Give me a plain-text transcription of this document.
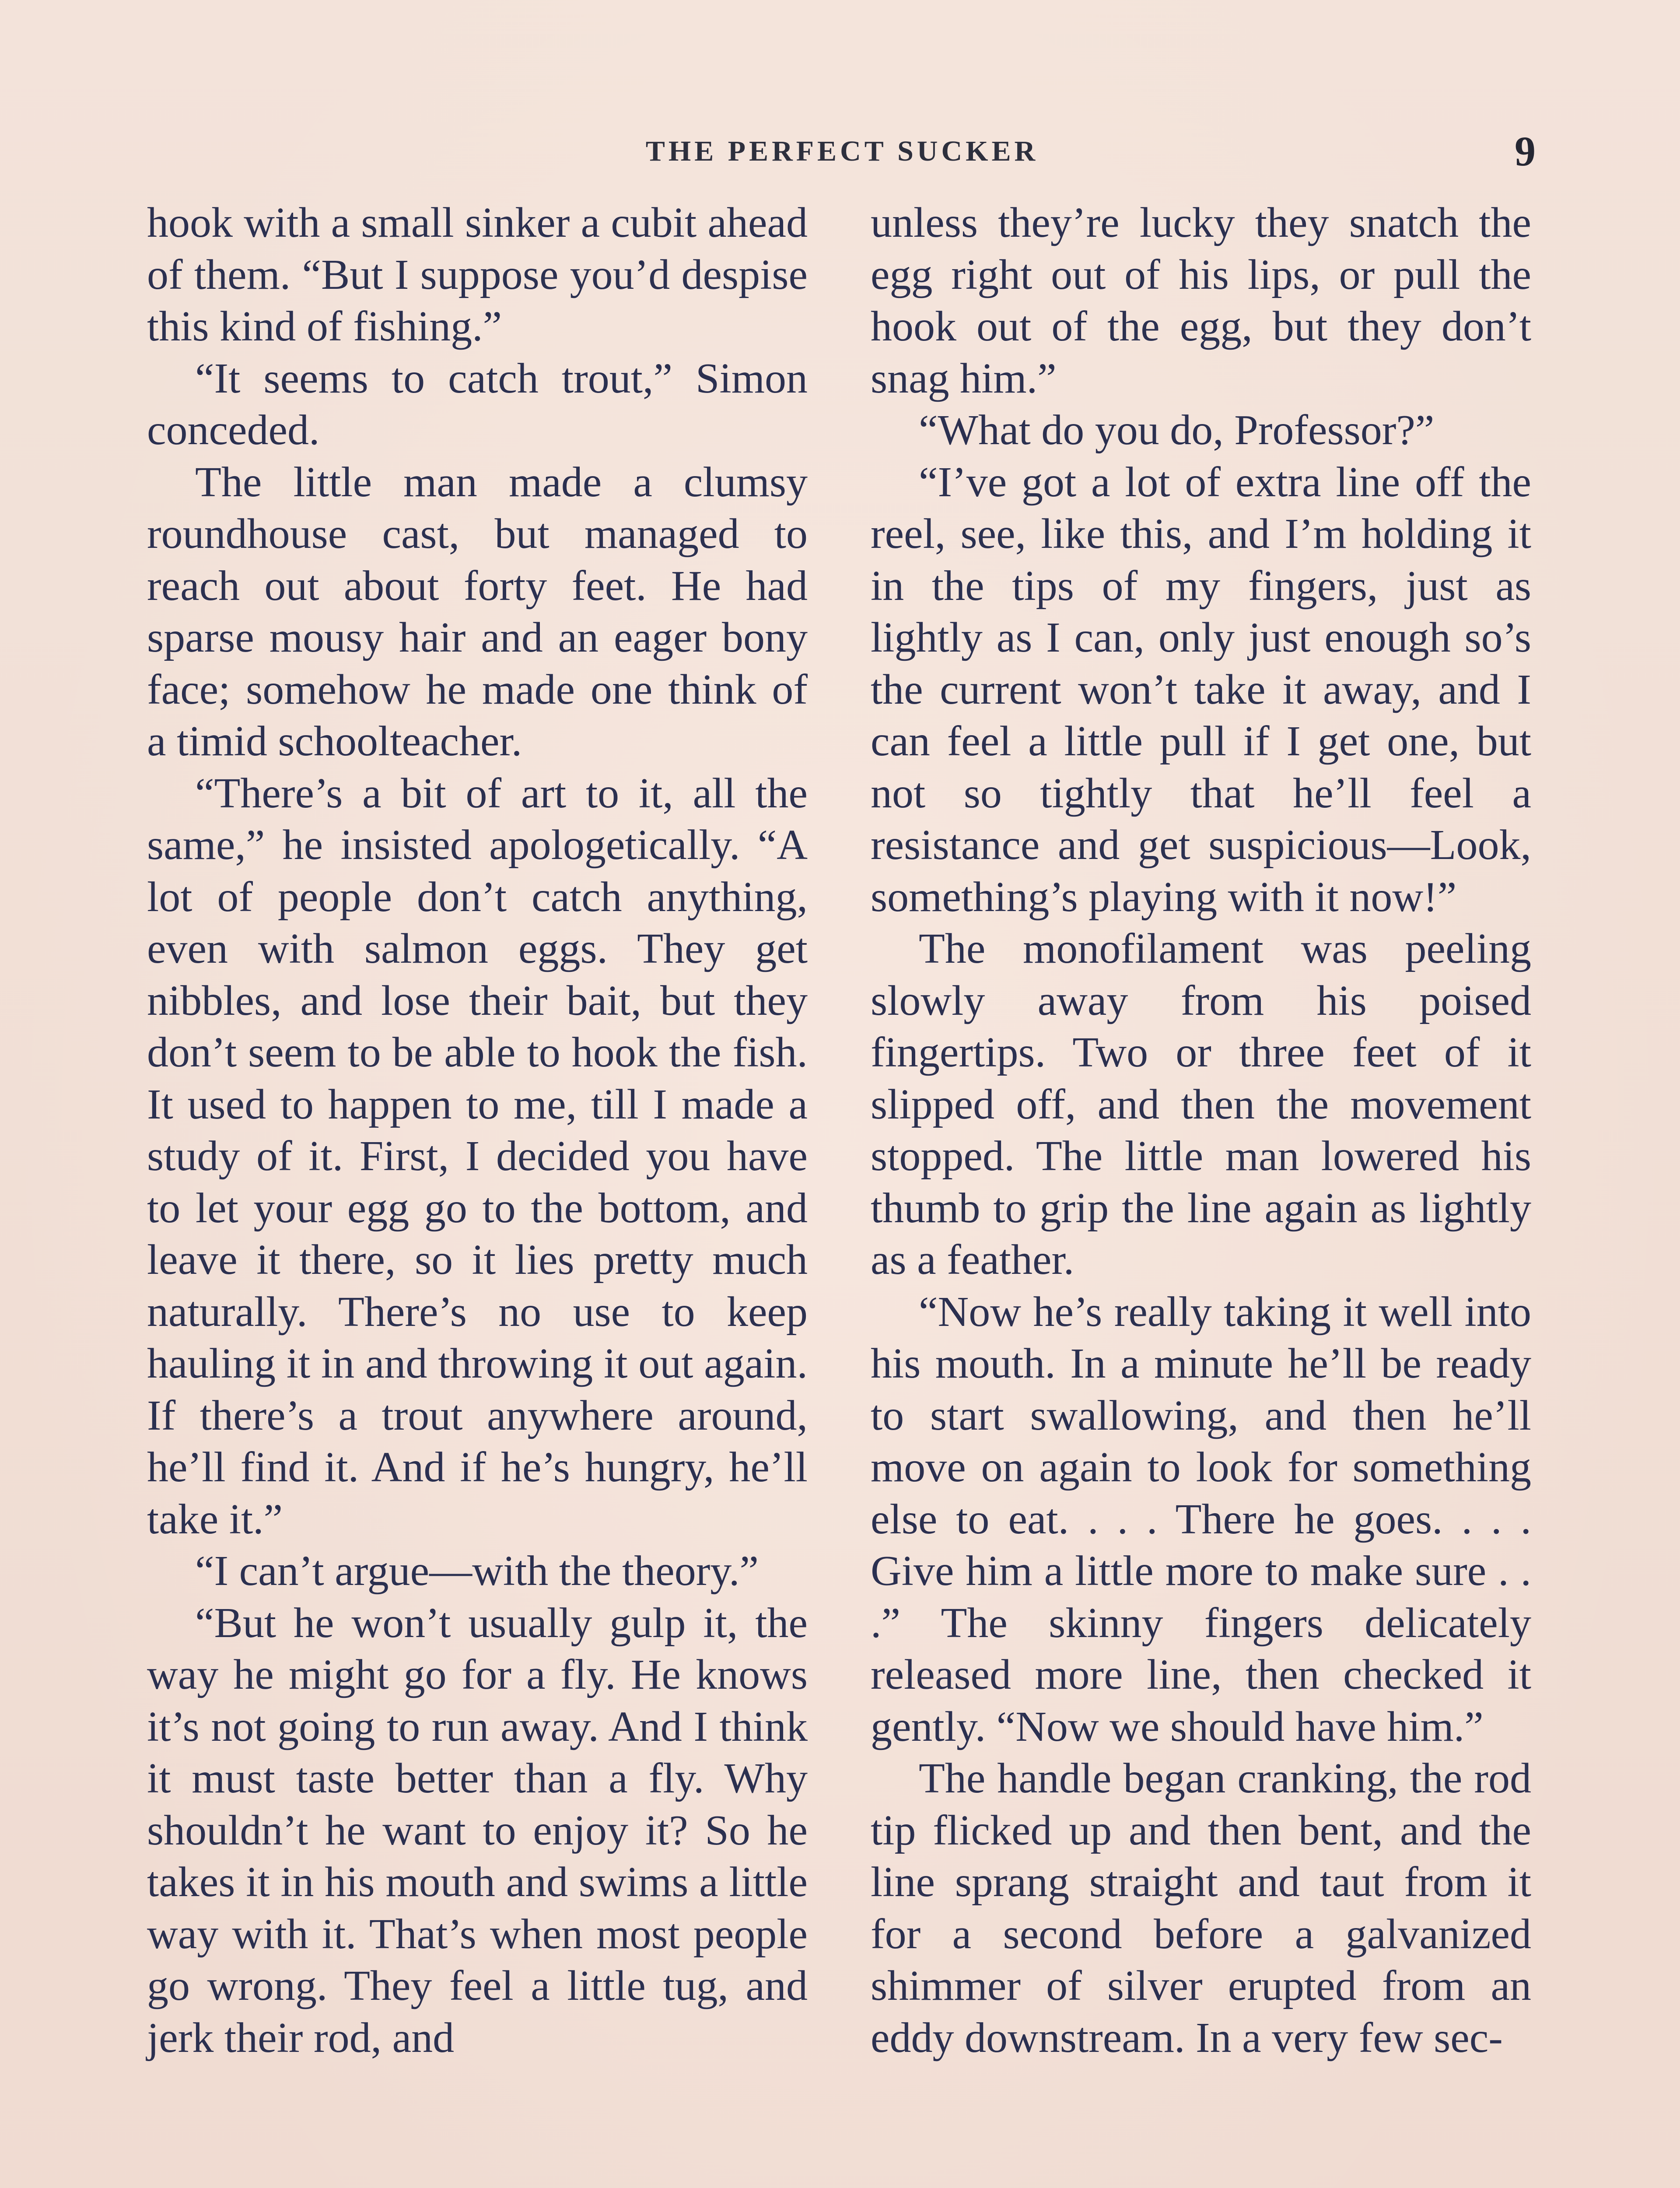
THE PERFECT SUCKER	9

hook with a small sinker a cubit ahead of them. “But I suppose you’d despise this kind of fishing.”

“It seems to catch trout,” Simon conceded.

The little man made a clumsy roundhouse cast, but managed to reach out about forty feet. He had sparse mousy hair and an eager bony face; somehow he made one think of a timid schoolteacher.

“There’s a bit of art to it, all the same,” he insisted apologetically. “A lot of people don’t catch anything, even with salmon eggs. They get nibbles, and lose their bait, but they don’t seem to be able to hook the fish. It used to happen to me, till I made a study of it. First, I decided you have to let your egg go to the bottom, and leave it there, so it lies pretty much naturally. There’s no use to keep hauling it in and throwing it out again. If there’s a trout anywhere around, he’ll find it. And if he’s hungry, he’ll take it.”

“I can’t argue—with the theory.”

“But he won’t usually gulp it, the way he might go for a fly. He knows it’s not going to run away. And I think it must taste better than a fly. Why shouldn’t he want to enjoy it? So he takes it in his mouth and swims a little way with it. That’s when most people go wrong. They feel a little tug, and jerk their rod, and

unless they’re lucky they snatch the egg right out of his lips, or pull the hook out of the egg, but they don’t snag him.”

“What do you do, Professor?”

“I’ve got a lot of extra line off the reel, see, like this, and I’m holding it in the tips of my fingers, just as lightly as I can, only just enough so’s the current won’t take it away, and I can feel a little pull if I get one, but not so tightly that he’ll feel a resistance and get suspicious—Look, something’s playing with it now!”

The monofilament was peeling slowly away from his poised fingertips. Two or three feet of it slipped off, and then the movement stopped. The little man lowered his thumb to grip the line again as lightly as a feather.

“Now he’s really taking it well into his mouth. In a minute he’ll be ready to start swallowing, and then he’ll move on again to look for something else to eat. . . . There he goes. . . . Give him a little more to make sure . . .” The skinny fingers delicately released more line, then checked it gently. “Now we should have him.”

The handle began cranking, the rod tip flicked up and then bent, and the line sprang straight and taut from it for a second before a galvanized shimmer of silver erupted from an eddy downstream. In a very few sec-
